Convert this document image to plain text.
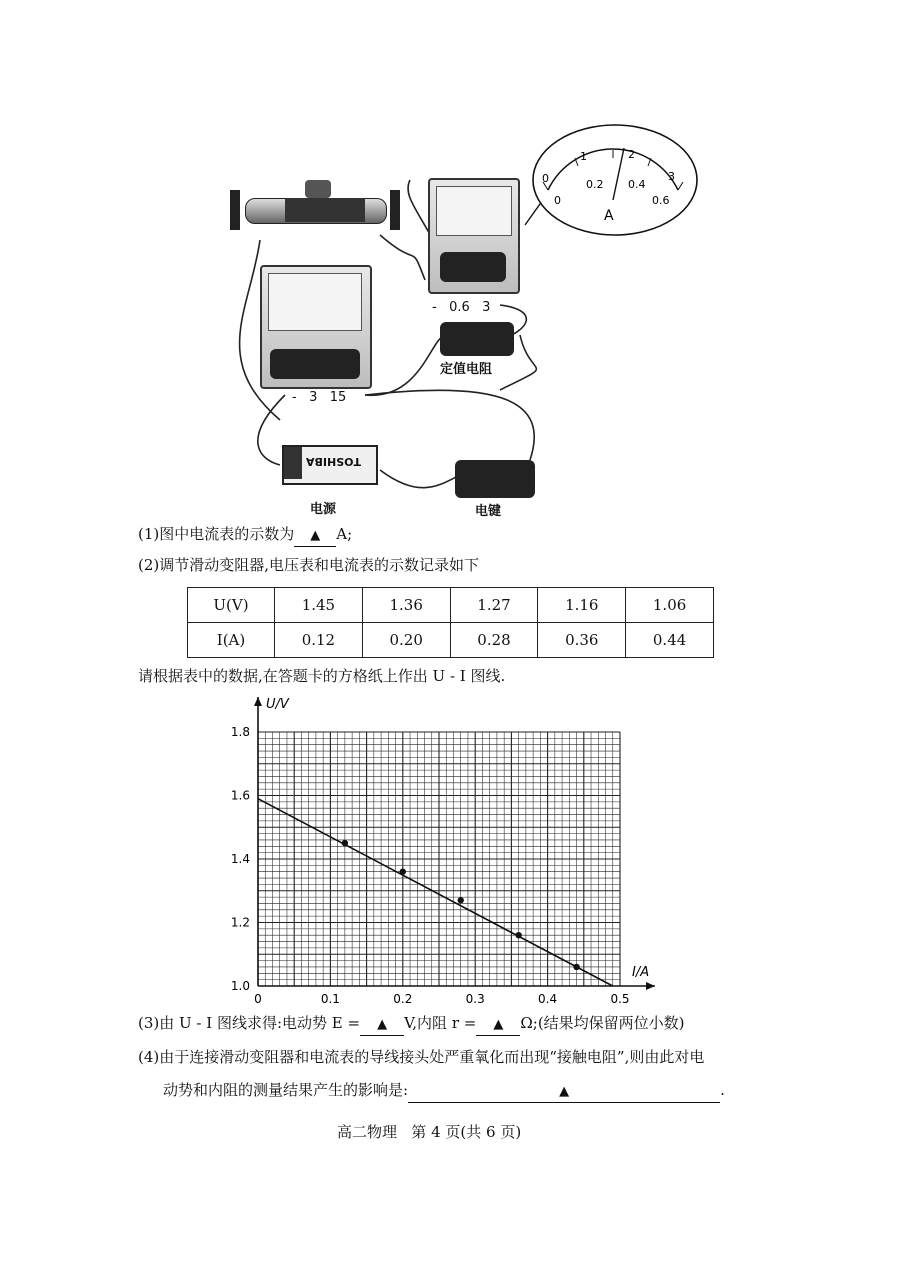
-   0.6   3
-   3   15
定值电阻
TOSHIBA
电源	电键
0
1	2
3
0
0.2 0.4
0.6
A
(1)图中电流表的示数为 ▲ A;
(2)调节滑动变阻器,电压表和电流表的示数记录如下
U(V)	1.45	1.36	1.27	1.16	1.06
I(A)	0.12	0.20	0.28	0.36	0.44
请根据表中的数据,在答题卡的方格纸上作出 U - I 图线.
U/V
I/A
0	0.1	0.2	0.3	0.4	0.5
1.0
1.2
1.4
1.6
1.8
(3)由 U - I 图线求得:电动势 E = ▲ V,内阻 r = ▲ Ω;(结果均保留两位小数)
(4)由于连接滑动变阻器和电流表的导线接头处严重氧化而出现“接触电阻”,则由此对电
动势和内阻的测量结果产生的影响是:	▲	.
高二物理   第 4 页(共 6 页)
